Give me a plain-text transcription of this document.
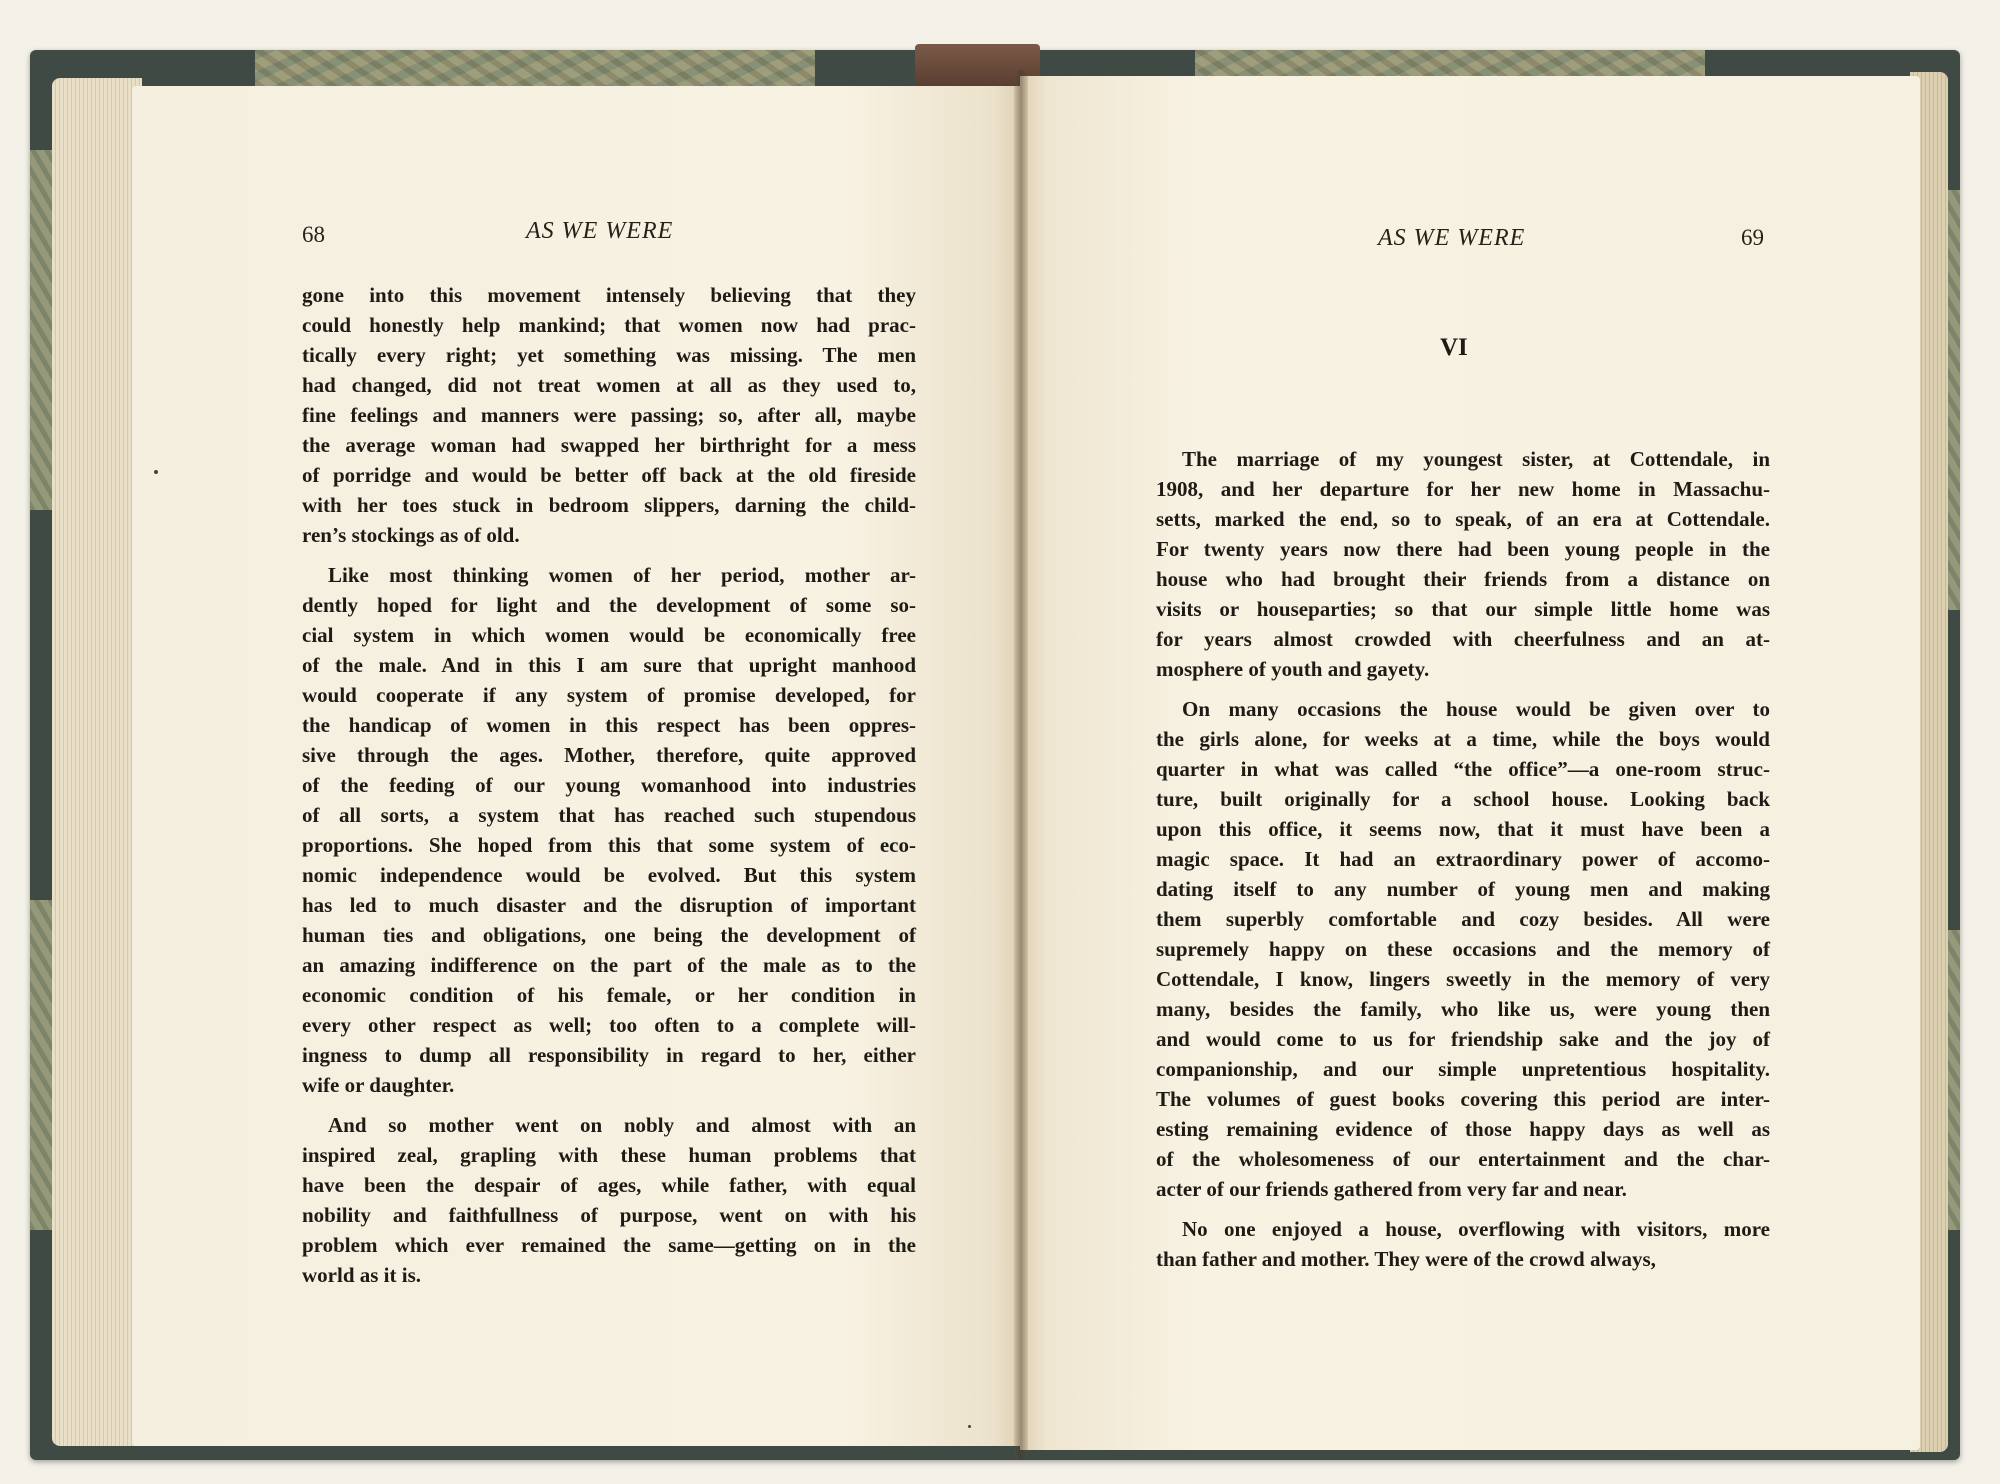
68	AS WE WERE	AS WE WERE	69
VI
gone into this movement intensely believing that they
could honestly help mankind; that women now had prac-
tically every right; yet something was missing. The men
had changed, did not treat women at all as they used to,
fine feelings and manners were passing; so, after all, maybe
the average woman had swapped her birthright for a mess
of porridge and would be better off back at the old fireside
with her toes stuck in bedroom slippers, darning the child-
ren’s stockings as of old.
Like most thinking women of her period, mother ar-
dently hoped for light and the development of some so-
cial system in which women would be economically free
of the male. And in this I am sure that upright manhood
would cooperate if any system of promise developed, for
the handicap of women in this respect has been oppres-
sive through the ages. Mother, therefore, quite approved
of the feeding of our young womanhood into industries
of all sorts, a system that has reached such stupendous
proportions. She hoped from this that some system of eco-
nomic independence would be evolved. But this system
has led to much disaster and the disruption of important
human ties and obligations, one being the development of
an amazing indifference on the part of the male as to the
economic condition of his female, or her condition in
every other respect as well; too often to a complete will-
ingness to dump all responsibility in regard to her, either
wife or daughter.
And so mother went on nobly and almost with an
inspired zeal, grapling with these human problems that
have been the despair of ages, while father, with equal
nobility and faithfullness of purpose, went on with his
problem which ever remained the same—getting on in the
world as it is.
The marriage of my youngest sister, at Cottendale, in
1908, and her departure for her new home in Massachu-
setts, marked the end, so to speak, of an era at Cottendale.
For twenty years now there had been young people in the
house who had brought their friends from a distance on
visits or houseparties; so that our simple little home was
for years almost crowded with cheerfulness and an at-
mosphere of youth and gayety.
On many occasions the house would be given over to
the girls alone, for weeks at a time, while the boys would
quarter in what was called “the office”—a one-room struc-
ture, built originally for a school house. Looking back
upon this office, it seems now, that it must have been a
magic space. It had an extraordinary power of accomo-
dating itself to any number of young men and making
them superbly comfortable and cozy besides. All were
supremely happy on these occasions and the memory of
Cottendale, I know, lingers sweetly in the memory of very
many, besides the family, who like us, were young then
and would come to us for friendship sake and the joy of
companionship, and our simple unpretentious hospitality.
The volumes of guest books covering this period are inter-
esting remaining evidence of those happy days as well as
of the wholesomeness of our entertainment and the char-
acter of our friends gathered from very far and near.
No one enjoyed a house, overflowing with visitors, more
than father and mother. They were of the crowd always,
